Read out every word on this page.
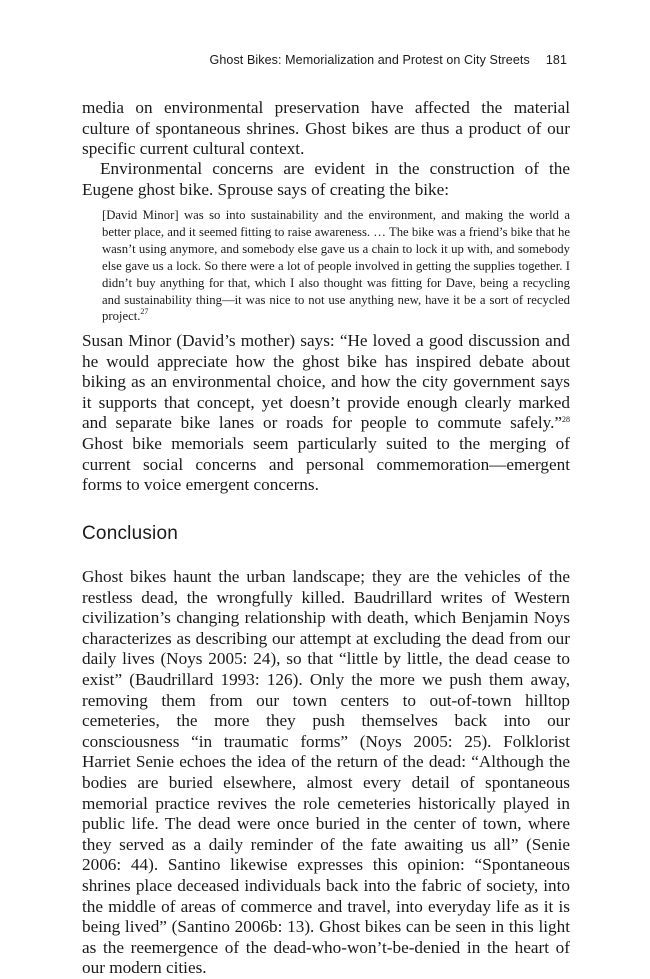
Ghost Bikes: Memorialization and Protest on City Streets 181

media on environmental preservation have affected the material culture of spontaneous shrines. Ghost bikes are thus a product of our specific current cultural context.

Environmental concerns are evident in the construction of the Eugene ghost bike. Sprouse says of creating the bike:

[David Minor] was so into sustainability and the environment, and making the world a better place, and it seemed fitting to raise awareness. … The bike was a friend’s bike that he wasn’t using anymore, and somebody else gave us a chain to lock it up with, and somebody else gave us a lock. So there were a lot of people involved in getting the supplies together. I didn’t buy anything for that, which I also thought was fitting for Dave, being a recycling and sustainability thing—it was nice to not use anything new, have it be a sort of recycled project.$^{27}$

Susan Minor (David’s mother) says: “He loved a good discussion and he would appreciate how the ghost bike has inspired debate about biking as an environmental choice, and how the city government says it supports that concept, yet doesn’t provide enough clearly marked and separate bike lanes or roads for people to commute safely.”$^{28}$ Ghost bike memorials seem particularly suited to the merging of current social concerns and personal commemoration—emergent forms to voice emergent concerns.

Conclusion

Ghost bikes haunt the urban landscape; they are the vehicles of the restless dead, the wrongfully killed. Baudrillard writes of Western civilization’s changing relationship with death, which Benjamin Noys characterizes as describing our attempt at excluding the dead from our daily lives (Noys 2005: 24), so that “little by little, the dead cease to exist” (Baudrillard 1993: 126). Only the more we push them away, removing them from our town centers to out-of-town hilltop cemeteries, the more they push themselves back into our consciousness “in traumatic forms” (Noys 2005: 25). Folklorist Harriet Senie echoes the idea of the return of the dead: “Although the bodies are buried elsewhere, almost every detail of spontaneous memorial practice revives the role cemeteries historically played in public life. The dead were once buried in the center of town, where they served as a daily reminder of the fate awaiting us all” (Senie 2006: 44). Santino likewise expresses this opinion: “Spontaneous shrines place deceased individuals back into the fabric of society, into the middle of areas of commerce and travel, into everyday life as it is being lived” (Santino 2006b: 13). Ghost bikes can be seen in this light as the reemergence of the dead-who-won’t-be-denied in the heart of our modern cities.
